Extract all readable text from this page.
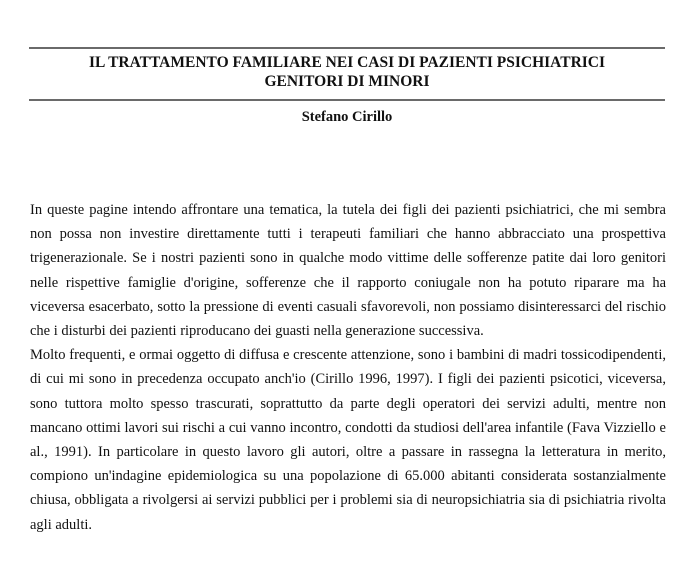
IL TRATTAMENTO FAMILIARE NEI CASI DI PAZIENTI PSICHIATRICI
GENITORI DI MINORI
Stefano Cirillo

In queste pagine intendo affrontare una tematica, la tutela dei figli dei pazienti psichiatrici, che mi sembra non possa non investire direttamente tutti i terapeuti familiari che hanno abbracciato una prospettiva trigenerazionale. Se i nostri pazienti sono in qualche modo vittime delle sofferenze patite dai loro genitori nelle rispettive famiglie d'origine, sofferenze che il rapporto coniugale non ha potuto riparare ma ha viceversa esacerbato, sotto la pressione di eventi casuali sfavorevoli, non possiamo disinteressarci del rischio che i disturbi dei pazienti riproducano dei guasti nella generazione successiva.

Molto frequenti, e ormai oggetto di diffusa e crescente attenzione, sono i bambini di madri tossicodipendenti, di cui mi sono in precedenza occupato anch'io (Cirillo 1996, 1997). I figli dei pazienti psicotici, viceversa, sono tuttora molto spesso trascurati, soprattutto da parte degli operatori dei servizi adulti, mentre non mancano ottimi lavori sui rischi a cui vanno incontro, condotti da studiosi dell'area infantile (Fava Vizziello e al., 1991). In particolare in questo lavoro gli autori, oltre a passare in rassegna la letteratura in merito, compiono un'indagine epidemiologica su una popolazione di 65.000 abitanti considerata sostanzialmente chiusa, obbligata a rivolgersi ai servizi pubblici per i problemi sia di neuropsichiatria sia di psichiatria rivolta agli adulti.
